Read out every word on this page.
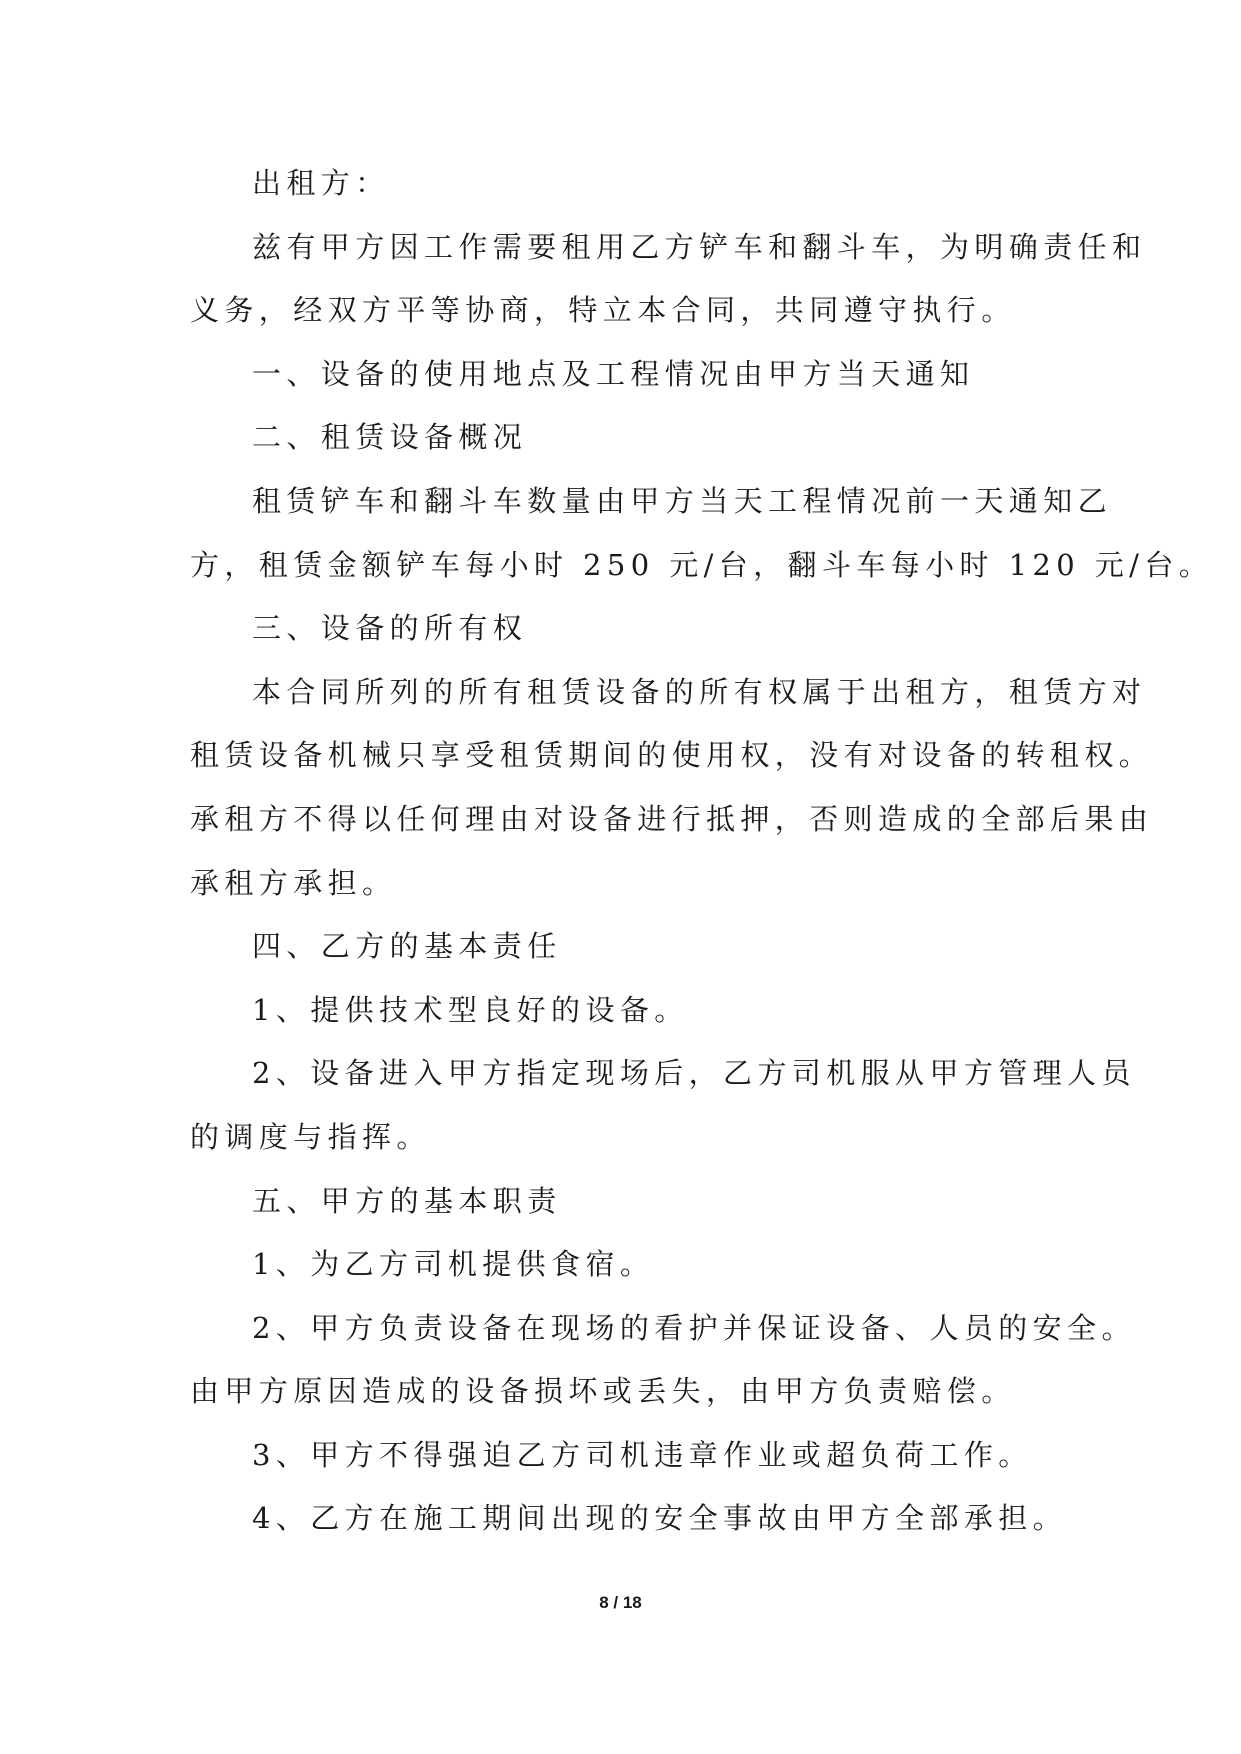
出租方：
兹有甲方因工作需要租用乙方铲车和翻斗车，为明确责任和
义务，经双方平等协商，特立本合同，共同遵守执行。
一、设备的使用地点及工程情况由甲方当天通知
二、租赁设备概况
租赁铲车和翻斗车数量由甲方当天工程情况前一天通知乙
方，租赁金额铲车每小时 250 元/台，翻斗车每小时 120 元/台。
三、设备的所有权
本合同所列的所有租赁设备的所有权属于出租方，租赁方对
租赁设备机械只享受租赁期间的使用权，没有对设备的转租权。
承租方不得以任何理由对设备进行抵押，否则造成的全部后果由
承租方承担。
四、乙方的基本责任
1、提供技术型良好的设备。
2、设备进入甲方指定现场后，乙方司机服从甲方管理人员
的调度与指挥。
五、甲方的基本职责
1、为乙方司机提供食宿。
2、甲方负责设备在现场的看护并保证设备、人员的安全。
由甲方原因造成的设备损坏或丢失，由甲方负责赔偿。
3、甲方不得强迫乙方司机违章作业或超负荷工作。
4、乙方在施工期间出现的安全事故由甲方全部承担。
8 / 18
